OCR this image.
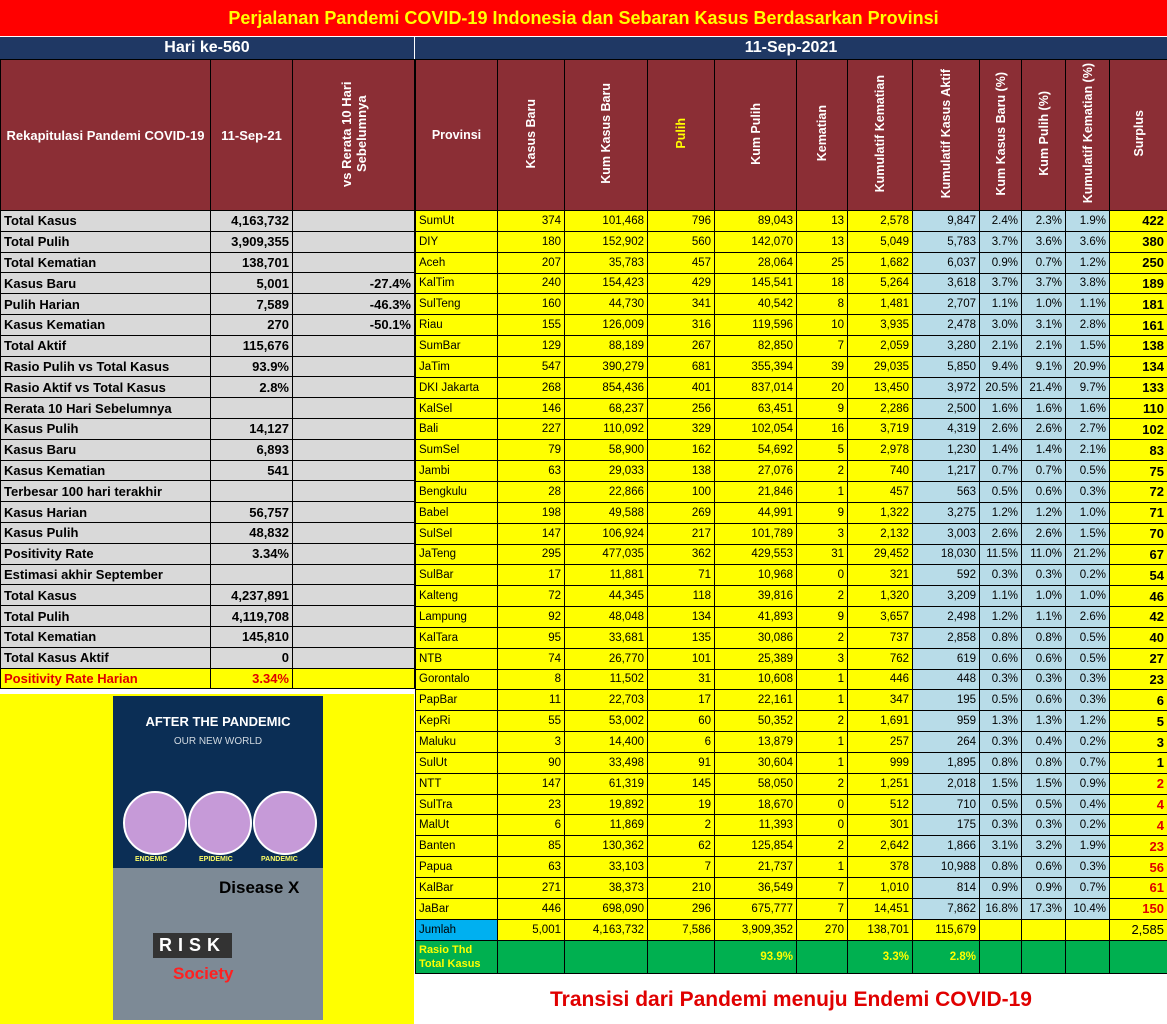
Perjalanan Pandemi COVID-19 Indonesia dan Sebaran Kasus Berdasarkan Provinsi
Hari ke-560	11-Sep-2021
Rekapitulasi Pandemi COVID-19	11-Sep-21	vs Rerata 10 Hari Sebelumnya
Total Kasus	4,163,732	
Total Pulih	3,909,355	
Total Kematian	138,701	
Kasus Baru	5,001	-27.4%
Pulih Harian	7,589	-46.3%
Kasus Kematian	270	-50.1%
Total Aktif	115,676	
Rasio Pulih vs Total Kasus	93.9%	
Rasio Aktif vs Total Kasus	2.8%	
Rerata 10 Hari Sebelumnya		
Kasus Pulih	14,127	
Kasus Baru	6,893	
Kasus Kematian	541	
Terbesar 100 hari terakhir		
Kasus Harian	56,757	
Kasus Pulih	48,832	
Positivity Rate	3.34%	
Estimasi akhir September		
Total Kasus	4,237,891	
Total Pulih	4,119,708	
Total Kematian	145,810	
Total Kasus Aktif	0	
Positivity Rate Harian	3.34%	
Provinsi	Kasus Baru	Kum Kasus Baru	Pulih	Kum Pulih	Kematian	Kumulatif Kematian	Kumulatif Kasus Aktif	Kum Kasus Baru (%)	Kum Pulih (%)	Kumulatif Kematian (%)	Surplus
SumUt	374	101,468	796	89,043	13	2,578	9,847	2.4%	2.3%	1.9%	422
DIY	180	152,902	560	142,070	13	5,049	5,783	3.7%	3.6%	3.6%	380
Aceh	207	35,783	457	28,064	25	1,682	6,037	0.9%	0.7%	1.2%	250
KalTim	240	154,423	429	145,541	18	5,264	3,618	3.7%	3.7%	3.8%	189
SulTeng	160	44,730	341	40,542	8	1,481	2,707	1.1%	1.0%	1.1%	181
Riau	155	126,009	316	119,596	10	3,935	2,478	3.0%	3.1%	2.8%	161
SumBar	129	88,189	267	82,850	7	2,059	3,280	2.1%	2.1%	1.5%	138
JaTim	547	390,279	681	355,394	39	29,035	5,850	9.4%	9.1%	20.9%	134
DKI Jakarta	268	854,436	401	837,014	20	13,450	3,972	20.5%	21.4%	9.7%	133
KalSel	146	68,237	256	63,451	9	2,286	2,500	1.6%	1.6%	1.6%	110
Bali	227	110,092	329	102,054	16	3,719	4,319	2.6%	2.6%	2.7%	102
SumSel	79	58,900	162	54,692	5	2,978	1,230	1.4%	1.4%	2.1%	83
Jambi	63	29,033	138	27,076	2	740	1,217	0.7%	0.7%	0.5%	75
Bengkulu	28	22,866	100	21,846	1	457	563	0.5%	0.6%	0.3%	72
Babel	198	49,588	269	44,991	9	1,322	3,275	1.2%	1.2%	1.0%	71
SulSel	147	106,924	217	101,789	3	2,132	3,003	2.6%	2.6%	1.5%	70
JaTeng	295	477,035	362	429,553	31	29,452	18,030	11.5%	11.0%	21.2%	67
SulBar	17	11,881	71	10,968	0	321	592	0.3%	0.3%	0.2%	54
Kalteng	72	44,345	118	39,816	2	1,320	3,209	1.1%	1.0%	1.0%	46
Lampung	92	48,048	134	41,893	9	3,657	2,498	1.2%	1.1%	2.6%	42
KalTara	95	33,681	135	30,086	2	737	2,858	0.8%	0.8%	0.5%	40
NTB	74	26,770	101	25,389	3	762	619	0.6%	0.6%	0.5%	27
Gorontalo	8	11,502	31	10,608	1	446	448	0.3%	0.3%	0.3%	23
PapBar	11	22,703	17	22,161	1	347	195	0.5%	0.6%	0.3%	6
KepRi	55	53,002	60	50,352	2	1,691	959	1.3%	1.3%	1.2%	5
Maluku	3	14,400	6	13,879	1	257	264	0.3%	0.4%	0.2%	3
SulUt	90	33,498	91	30,604	1	999	1,895	0.8%	0.8%	0.7%	1
NTT	147	61,319	145	58,050	2	1,251	2,018	1.5%	1.5%	0.9%	2
SulTra	23	19,892	19	18,670	0	512	710	0.5%	0.5%	0.4%	4
MalUt	6	11,869	2	11,393	0	301	175	0.3%	0.3%	0.2%	4
Banten	85	130,362	62	125,854	2	2,642	1,866	3.1%	3.2%	1.9%	23
Papua	63	33,103	7	21,737	1	378	10,988	0.8%	0.6%	0.3%	56
KalBar	271	38,373	210	36,549	7	1,010	814	0.9%	0.9%	0.7%	61
JaBar	446	698,090	296	675,777	7	14,451	7,862	16.8%	17.3%	10.4%	150
Jumlah	5,001	4,163,732	7,586	3,909,352	270	138,701	115,679				2,585
Rasio Thd Total Kasus				93.9%		3.3%	2.8%				
AFTER THE PANDEMIC
OUR NEW WORLD
ENDEMIC	EPIDEMIC	PANDEMIC
Disease X
RISK
Society
Transisi dari Pandemi menuju Endemi COVID-19
